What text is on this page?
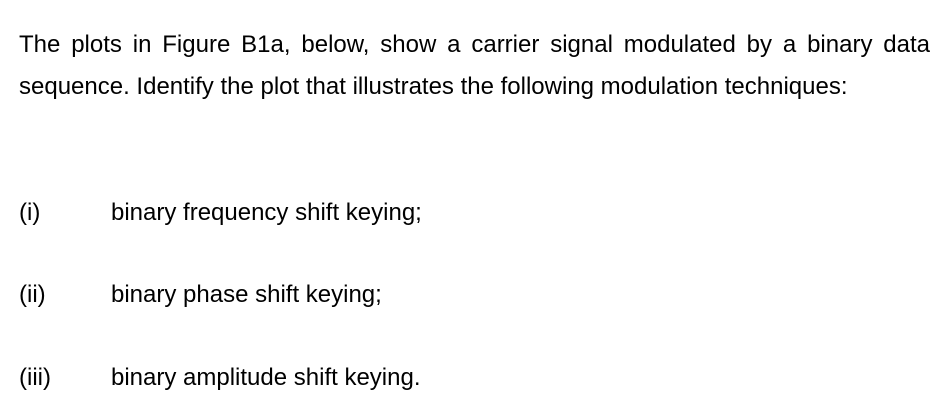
The plots in Figure B1a, below, show a carrier signal modulated by a binary data sequence. Identify the plot that illustrates the following modulation techniques:

(i)	binary frequency shift keying;
(ii)	binary phase shift keying;
(iii)	binary amplitude shift keying.
